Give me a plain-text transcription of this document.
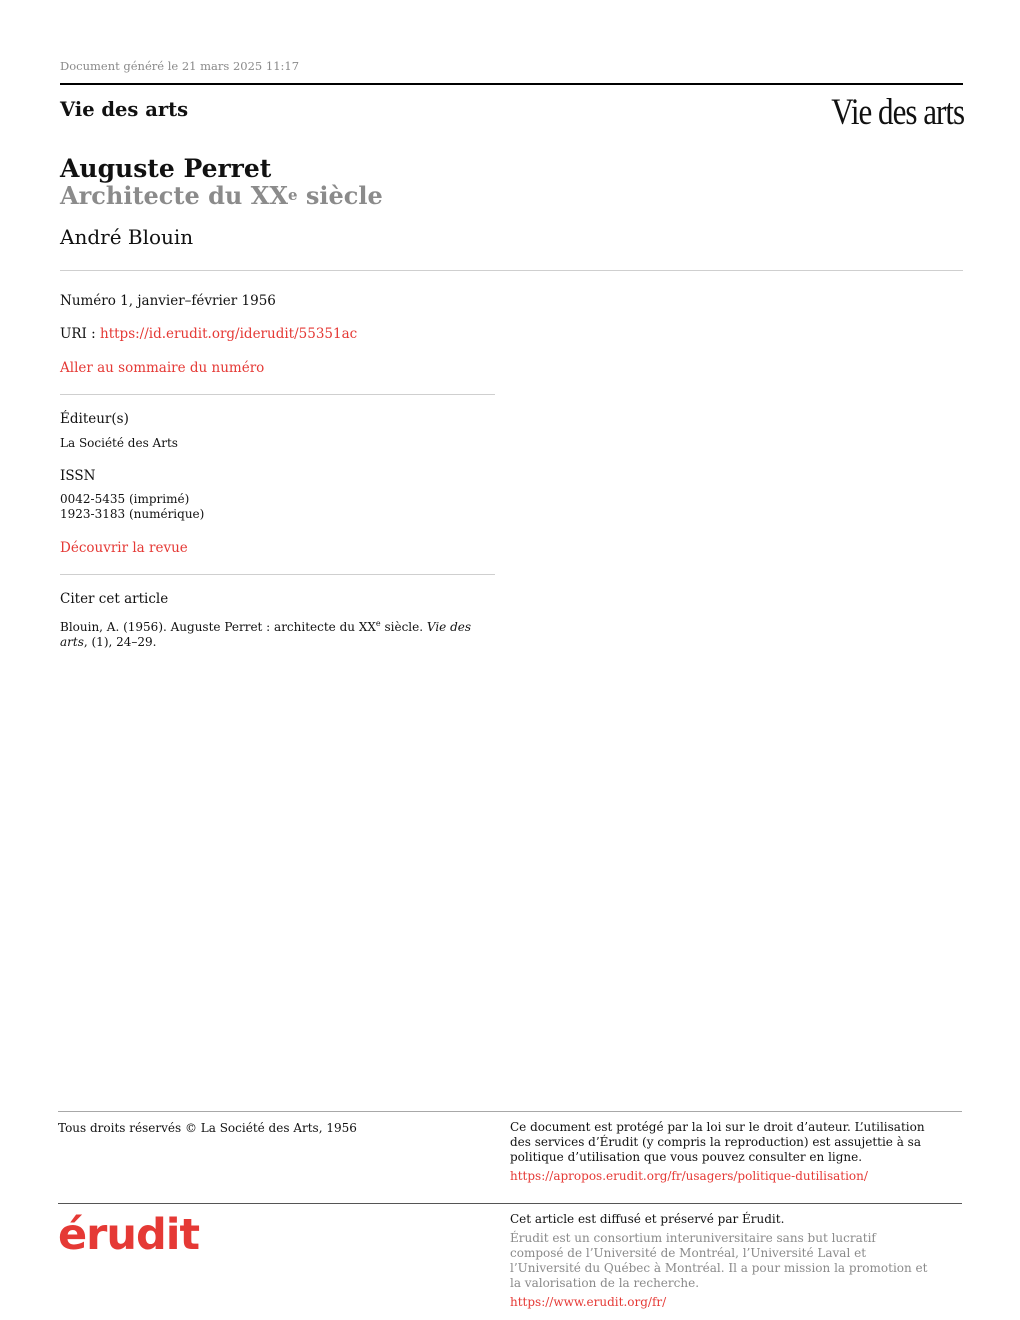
Document généré le 21 mars 2025 11:17
Vie des arts	Vie des arts
Auguste Perret
Architecte du XXe siècle
André Blouin
Numéro 1, janvier–février 1956
URI : https://id.erudit.org/iderudit/55351ac
Aller au sommaire du numéro
Éditeur(s)
La Société des Arts
ISSN
0042-5435 (imprimé)
1923-3183 (numérique)
Découvrir la revue
Citer cet article
Blouin, A. (1956). Auguste Perret : architecte du XXe siècle. Vie des arts, (1), 24–29.
Tous droits réservés © La Société des Arts, 1956	Ce document est protégé par la loi sur le droit d’auteur. L’utilisation des services d’Érudit (y compris la reproduction) est assujettie à sa politique d’utilisation que vous pouvez consulter en ligne.
https://apropos.erudit.org/fr/usagers/politique-dutilisation/
érudit	Cet article est diffusé et préservé par Érudit.
Érudit est un consortium interuniversitaire sans but lucratif composé de l’Université de Montréal, l’Université Laval et l’Université du Québec à Montréal. Il a pour mission la promotion et la valorisation de la recherche.
https://www.erudit.org/fr/
